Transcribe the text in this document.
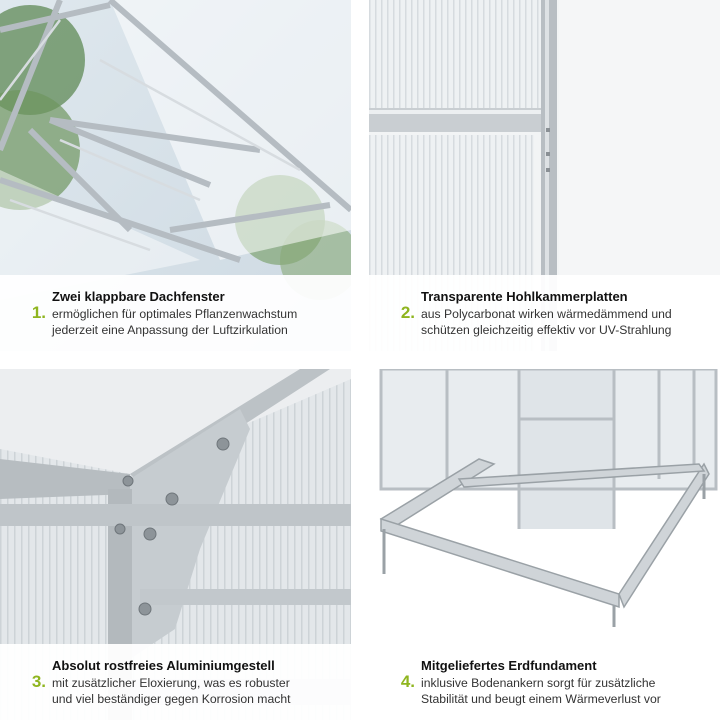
1.
Zwei klappbare Dachfenster
ermöglichen für optimales Pflanzenwachstum
jederzeit eine Anpassung der Luftzirkulation
2.
Transparente Hohlkammerplatten
aus Polycarbonat wirken wärmedämmend und
schützen gleichzeitig effektiv vor UV-Strahlung
3.
Absolut rostfreies Aluminiumgestell
mit zusätzlicher Eloxierung, was es robuster
und viel beständiger gegen Korrosion macht
4.
Mitgeliefertes Erdfundament
inklusive Bodenankern sorgt für zusätzliche
Stabilität und beugt einem Wärmeverlust vor
